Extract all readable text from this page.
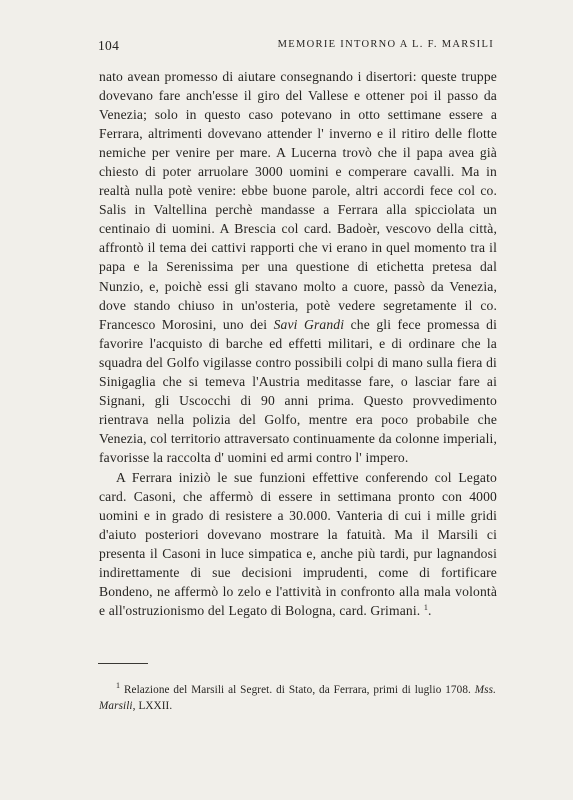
104	MEMORIE INTORNO A L. F. MARSILI

nato avean promesso di aiutare consegnando i disertori: queste truppe dovevano fare anch'esse il giro del Vallese e ottener poi il passo da Venezia; solo in questo caso potevano in otto settimane essere a Ferrara, altrimenti dovevano attender l' inverno e il ritiro delle flotte nemiche per venire per mare. A Lucerna trovò che il papa avea già chiesto di poter arruolare 3000 uomini e comperare cavalli. Ma in realtà nulla potè venire: ebbe buone parole, altri accordi fece col co. Salis in Valtellina perchè mandasse a Ferrara alla spicciolata un centinaio di uomini. A Brescia col card. Badoèr, vescovo della città, affrontò il tema dei cattivi rapporti che vi erano in quel momento tra il papa e la Serenissima per una questione di etichetta pretesa dal Nunzio, e, poichè essi gli stavano molto a cuore, passò da Venezia, dove stando chiuso in un'osteria, potè vedere segretamente il co. Francesco Morosini, uno dei Savi Grandi che gli fece promessa di favorire l'acquisto di barche ed effetti militari, e di ordinare che la squadra del Golfo vigilasse contro possibili colpi di mano sulla fiera di Sinigaglia che si temeva l'Austria meditasse fare, o lasciar fare ai Signani, gli Uscocchi di 90 anni prima. Questo provvedimento rientrava nella polizia del Golfo, mentre era poco probabile che Venezia, col territorio attraversato continuamente da colonne imperiali, favorisse la raccolta d' uomini ed armi contro l' impero.

A Ferrara iniziò le sue funzioni effettive conferendo col Legato card. Casoni, che affermò di essere in settimana pronto con 4000 uomini e in grado di resistere a 30.000. Vanteria di cui i mille gridi d'aiuto posteriori dovevano mostrare la fatuità. Ma il Marsili ci presenta il Casoni in luce simpatica e, anche più tardi, pur lagnandosi indirettamente di sue decisioni imprudenti, come di fortificare Bondeno, ne affermò lo zelo e l'attività in confronto alla mala volontà e all'ostruzionismo del Legato di Bologna, card. Grimani. $^1$.

$^1$ Relazione del Marsili al Segret. di Stato, da Ferrara, primi di luglio 1708. Mss. Marsili, LXXII.
